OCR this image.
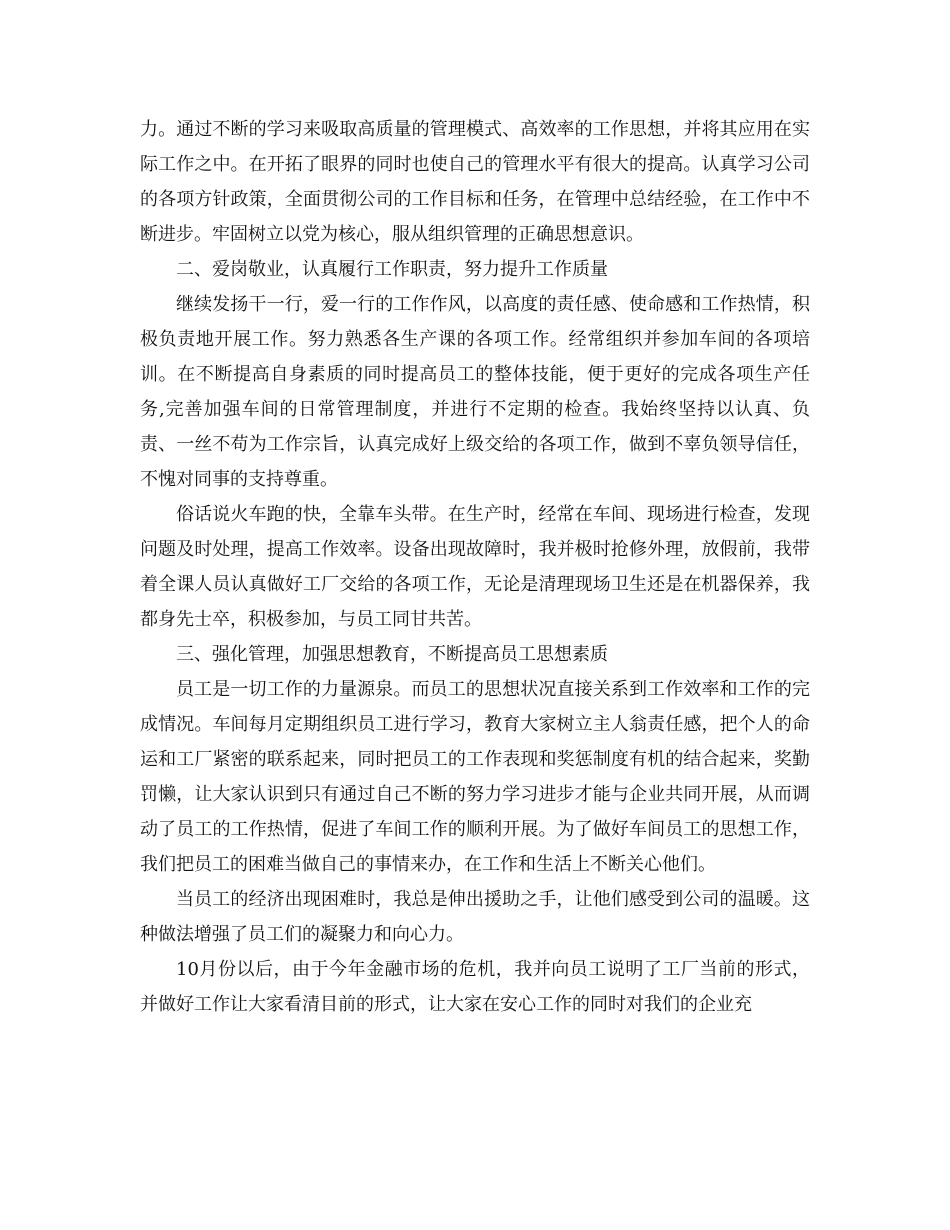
力。通过不断的学习来吸取高质量的管理模式、高效率的工作思想，并将其应用在实际工作之中。在开拓了眼界的同时也使自己的管理水平有很大的提高。认真学习公司的各项方针政策，全面贯彻公司的工作目标和任务，在管理中总结经验，在工作中不断进步。牢固树立以党为核心，服从组织管理的正确思想意识。

二、爱岗敬业，认真履行工作职责，努力提升工作质量

继续发扬干一行，爱一行的工作作风，以高度的责任感、使命感和工作热情，积极负责地开展工作。努力熟悉各生产课的各项工作。经常组织并参加车间的各项培训。在不断提高自身素质的同时提高员工的整体技能，便于更好的完成各项生产任务,完善加强车间的日常管理制度，并进行不定期的检查。我始终坚持以认真、负责、一丝不苟为工作宗旨，认真完成好上级交给的各项工作，做到不辜负领导信任，不愧对同事的支持尊重。

俗话说火车跑的快，全靠车头带。在生产时，经常在车间、现场进行检查，发现问题及时处理，提高工作效率。设备出现故障时，我并极时抢修外理，放假前，我带着全课人员认真做好工厂交给的各项工作，无论是清理现场卫生还是在机器保养，我都身先士卒，积极参加，与员工同甘共苦。

三、强化管理，加强思想教育，不断提高员工思想素质

员工是一切工作的力量源泉。而员工的思想状况直接关系到工作效率和工作的完成情况。车间每月定期组织员工进行学习，教育大家树立主人翁责任感，把个人的命运和工厂紧密的联系起来，同时把员工的工作表现和奖惩制度有机的结合起来，奖勤罚懒，让大家认识到只有通过自己不断的努力学习进步才能与企业共同开展，从而调动了员工的工作热情，促进了车间工作的顺利开展。为了做好车间员工的思想工作，我们把员工的困难当做自己的事情来办，在工作和生活上不断关心他们。

当员工的经济出现困难时，我总是伸出援助之手，让他们感受到公司的温暖。这种做法增强了员工们的凝聚力和向心力。

10月份以后，由于今年金融市场的危机，我并向员工说明了工厂当前的形式，并做好工作让大家看清目前的形式，让大家在安心工作的同时对我们的企业充
